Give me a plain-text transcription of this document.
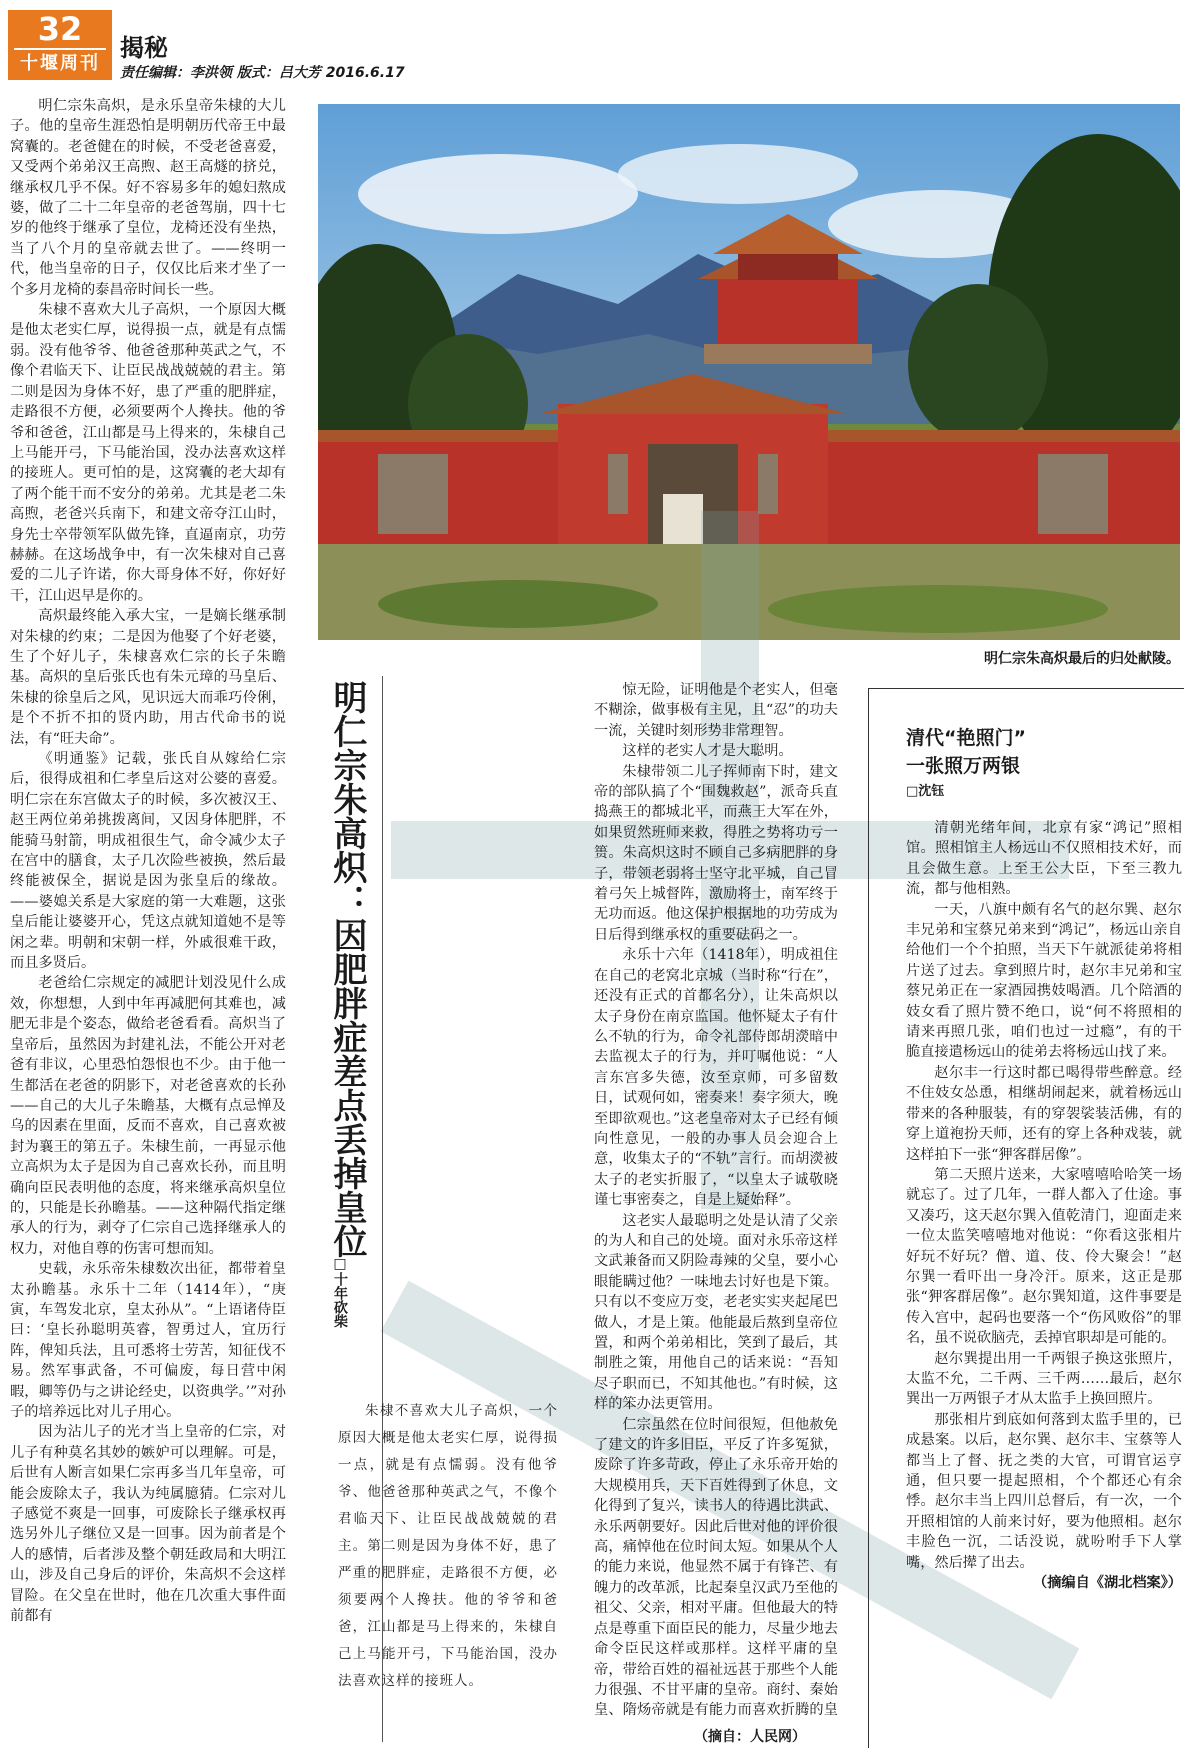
32
十堰周刊
揭秘
责任编辑：李洪领 版式：吕大芳 2016.6.17

明仁宗朱高炽，是永乐皇帝朱棣的大儿子。他的皇帝生涯恐怕是明朝历代帝王中最窝囊的。老爸健在的时候，不受老爸喜爱，又受两个弟弟汉王高煦、赵王高燧的挤兑，继承权几乎不保。好不容易多年的媳妇熬成婆，做了二十二年皇帝的老爸驾崩，四十七岁的他终于继承了皇位，龙椅还没有坐热，当了八个月的皇帝就去世了。——终明一代，他当皇帝的日子，仅仅比后来才坐了一个多月龙椅的泰昌帝时间长一些。

朱棣不喜欢大儿子高炽，一个原因大概是他太老实仁厚，说得损一点，就是有点懦弱。没有他爷爷、他爸爸那种英武之气，不像个君临天下、让臣民战战兢兢的君主。第二则是因为身体不好，患了严重的肥胖症，走路很不方便，必须要两个人搀扶。他的爷爷和爸爸，江山都是马上得来的，朱棣自己上马能开弓，下马能治国，没办法喜欢这样的接班人。更可怕的是，这窝囊的老大却有了两个能干而不安分的弟弟。尤其是老二朱高煦，老爸兴兵南下，和建文帝夺江山时，身先士卒带领军队做先锋，直逼南京，功劳赫赫。在这场战争中，有一次朱棣对自己喜爱的二儿子许诺，你大哥身体不好，你好好干，江山迟早是你的。

高炽最终能入承大宝，一是嫡长继承制对朱棣的约束；二是因为他娶了个好老婆，生了个好儿子，朱棣喜欢仁宗的长子朱瞻基。高炽的皇后张氏也有朱元璋的马皇后、朱棣的徐皇后之风，见识远大而乖巧伶俐，是个不折不扣的贤内助，用古代命书的说法，有“旺夫命”。

《明通鉴》记载，张氏自从嫁给仁宗后，很得成祖和仁孝皇后这对公婆的喜爱。明仁宗在东宫做太子的时候，多次被汉王、赵王两位弟弟挑拨离间，又因身体肥胖，不能骑马射箭，明成祖很生气，命令减少太子在宫中的膳食，太子几次险些被换，然后最终能被保全，据说是因为张皇后的缘故。——婆媳关系是大家庭的第一大难题，这张皇后能让婆婆开心，凭这点就知道她不是等闲之辈。明朝和宋朝一样，外戚很难干政，而且多贤后。

老爸给仁宗规定的减肥计划没见什么成效，你想想，人到中年再减肥何其难也，减肥无非是个姿态，做给老爸看看。高炽当了皇帝后，虽然因为封建礼法，不能公开对老爸有非议，心里恐怕怨恨也不少。由于他一生都活在老爸的阴影下，对老爸喜欢的长孙——自己的大儿子朱瞻基，大概有点忌惮及乌的因素在里面，反而不喜欢，自己喜欢被封为襄王的第五子。朱棣生前，一再显示他立高炽为太子是因为自己喜欢长孙，而且明确向臣民表明他的态度，将来继承高炽皇位的，只能是长孙瞻基。——这种隔代指定继承人的行为，剥夺了仁宗自己选择继承人的权力，对他自尊的伤害可想而知。

史载，永乐帝朱棣数次出征，都带着皇太孙瞻基。永乐十二年（1414年），“庚寅，车驾发北京，皇太孙从”。“上语诸侍臣曰：‘皇长孙聪明英睿，智勇过人，宜历行阵，俾知兵法，且可悉将士劳苦，知征伐不易。然军事武备，不可偏废，每日营中闲暇，卿等仍与之讲论经史，以资典学。’”对孙子的培养远比对儿子用心。

因为沾儿子的光才当上皇帝的仁宗，对儿子有种莫名其妙的嫉妒可以理解。可是，后世有人断言如果仁宗再多当几年皇帝，可能会废除太子，我认为纯属臆猜。仁宗对儿子感觉不爽是一回事，可废除长子继承权再选另外儿子继位又是一回事。因为前者是个人的感情，后者涉及整个朝廷政局和大明江山，涉及自己身后的评价，朱高炽不会这样冒险。在父皇在世时，他在几次重大事件面前都有

明仁宗朱高炽最后的归处献陵。
明仁宗朱高炽：因肥胖症差点丢掉皇位
□十年砍柴
朱棣不喜欢大儿子高炽，一个原因大概是他太老实仁厚，说得损一点，就是有点懦弱。没有他爷爷、他爸爸那种英武之气，不像个君临天下、让臣民战战兢兢的君主。第二则是因为身体不好，患了严重的肥胖症，走路很不方便，必须要两个人搀扶。他的爷爷和爸爸，江山都是马上得来的，朱棣自己上马能开弓，下马能治国，没办法喜欢这样的接班人。

惊无险，证明他是个老实人，但毫不糊涂，做事极有主见，且“忍”的功夫一流，关键时刻形势非常理智。

这样的老实人才是大聪明。

朱棣带领二儿子挥师南下时，建文帝的部队搞了个“围魏救赵”，派奇兵直捣燕王的都城北平，而燕王大军在外，如果贸然班师来救，得胜之势将功亏一篑。朱高炽这时不顾自己多病肥胖的身子，带领老弱将士坚守北平城，自己冒着弓矢上城督阵，激励将士，南军终于无功而返。他这保护根据地的功劳成为日后得到继承权的重要砝码之一。

永乐十六年（1418年），明成祖住在自己的老窝北京城（当时称“行在”，还没有正式的首都名分），让朱高炽以太子身份在南京监国。他怀疑太子有什么不轨的行为，命令礼部侍郎胡濙暗中去监视太子的行为，并叮嘱他说：“人言东宫多失德，汝至京师，可多留数日，试观何如，密奏来！奏字须大，晚至即欲观也。”这老皇帝对太子已经有倾向性意见，一般的办事人员会迎合上意，收集太子的“不轨”言行。而胡濙被太子的老实折服了，“以皇太子诚敬晓谨七事密奏之，自是上疑始释”。

这老实人最聪明之处是认清了父亲的为人和自己的处境。面对永乐帝这样文武兼备而又阴险毒辣的父皇，要小心眼能瞒过他？一味地去讨好也是下策。只有以不变应万变，老老实实夹起尾巴做人，才是上策。他能最后熬到皇帝位置，和两个弟弟相比，笑到了最后，其制胜之策，用他自己的话来说：“吾知尽子职而已，不知其他也。”有时候，这样的笨办法更管用。

仁宗虽然在位时间很短，但他赦免了建文的许多旧臣，平反了许多冤狱，废除了许多苛政，停止了永乐帝开始的大规模用兵，天下百姓得到了休息，文化得到了复兴，读书人的待遇比洪武、永乐两朝要好。因此后世对他的评价很高，痛悼他在位时间太短。如果从个人的能力来说，他显然不属于有锋芒、有魄力的改革派，比起秦皇汉武乃至他的祖父、父亲，相对平庸。但他最大的特点是尊重下面臣民的能力，尽量少地去命令臣民这样或那样。这样平庸的皇帝，带给百姓的福祉远甚于那些个人能力很强、不甘平庸的皇帝。商纣、秦始皇、隋炀帝就是有能力而喜欢折腾的皇

（摘自：人民网）
清代“艳照门”
一张照万两银
□沈钰

清朝光绪年间，北京有家“鸿记”照相馆。照相馆主人杨远山不仅照相技术好，而且会做生意。上至王公大臣，下至三教九流，都与他相熟。

一天，八旗中颇有名气的赵尔巽、赵尔丰兄弟和宝蔡兄弟来到“鸿记”，杨远山亲自给他们一个个拍照，当天下午就派徒弟将相片送了过去。拿到照片时，赵尔丰兄弟和宝蔡兄弟正在一家酒园携妓喝酒。几个陪酒的妓女看了照片赞不绝口，说“何不将照相的请来再照几张，咱们也过一过瘾”，有的干脆直接遣杨远山的徒弟去将杨远山找了来。

赵尔丰一行这时都已喝得带些醉意。经不住妓女怂恿，相继胡闹起来，就着杨远山带来的各种服装，有的穿袈裟装活佛，有的穿上道袍扮天师，还有的穿上各种戏装，就这样拍下一张“狎客群居像”。

第二天照片送来，大家嘻嘻哈哈笑一场就忘了。过了几年，一群人都入了仕途。事又凑巧，这天赵尔巽入值乾清门，迎面走来一位太监笑嘻嘻地对他说：“你看这张相片好玩不好玩？僧、道、伎、伶大聚会！”赵尔巽一看吓出一身冷汗。原来，这正是那张“狎客群居像”。赵尔巽知道，这件事要是传入宫中，起码也要落一个“伤风败俗”的罪名，虽不说砍脑壳，丢掉官职却是可能的。

赵尔巽提出用一千两银子换这张照片，太监不允，二千两、三千两……最后，赵尔巽出一万两银子才从太监手上换回照片。

那张相片到底如何落到太监手里的，已成悬案。以后，赵尔巽、赵尔丰、宝蔡等人都当上了督、抚之类的大官，可谓官运亨通，但只要一提起照相，个个都还心有余悸。赵尔丰当上四川总督后，有一次，一个开照相馆的人前来讨好，要为他照相。赵尔丰脸色一沉，二话没说，就吩咐手下人掌嘴，然后撵了出去。

（摘编自《湖北档案》）
